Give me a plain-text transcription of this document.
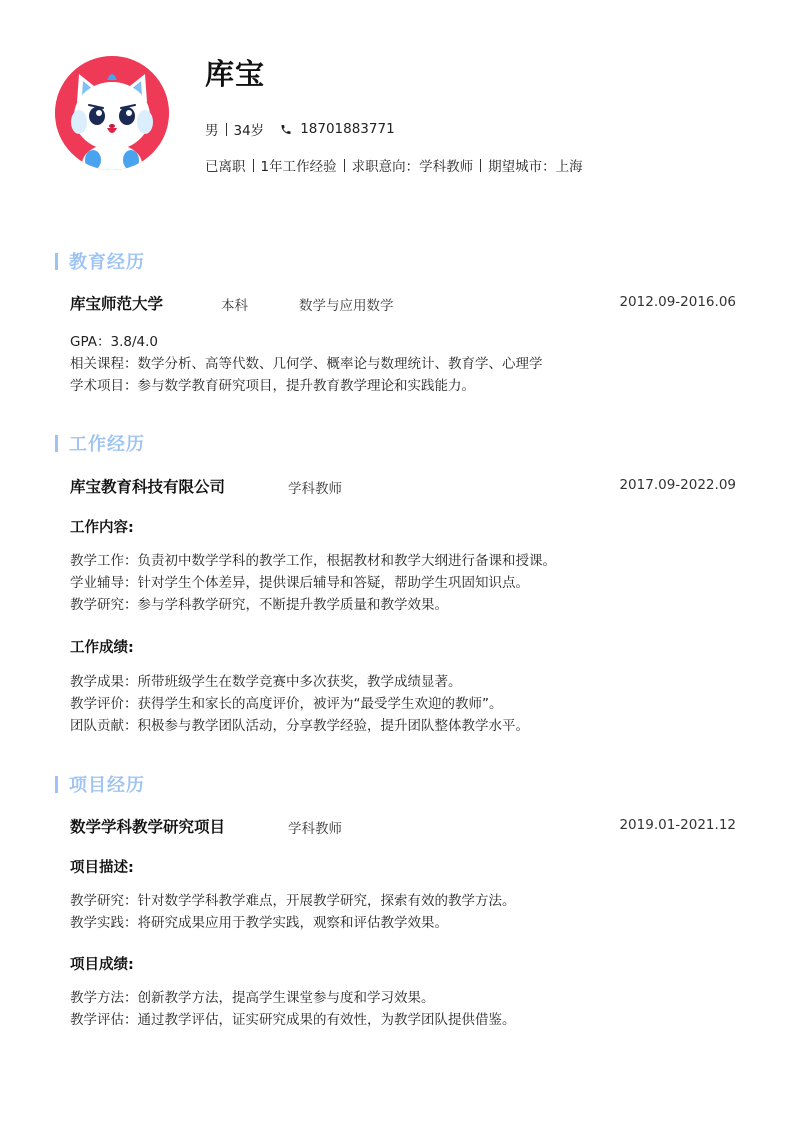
库宝
男 34岁	18701883771
已离职 1年工作经验 求职意向：学科教师 期望城市：上海
教育经历
库宝师范大学	本科	数学与应用数学	2012.09-2016.06
GPA：3.8/4.0
相关课程：数学分析、高等代数、几何学、概率论与数理统计、教育学、心理学
学术项目：参与数学教育研究项目，提升教育教学理论和实践能力。
工作经历
库宝教育科技有限公司	学科教师	2017.09-2022.09
工作内容:
教学工作：负责初中数学学科的教学工作，根据教材和教学大纲进行备课和授课。
学业辅导：针对学生个体差异，提供课后辅导和答疑，帮助学生巩固知识点。
教学研究：参与学科教学研究，不断提升教学质量和教学效果。
工作成绩:
教学成果：所带班级学生在数学竞赛中多次获奖，教学成绩显著。
教学评价：获得学生和家长的高度评价，被评为“最受学生欢迎的教师”。
团队贡献：积极参与教学团队活动，分享教学经验，提升团队整体教学水平。
项目经历
数学学科教学研究项目	学科教师	2019.01-2021.12
项目描述:
教学研究：针对数学学科教学难点，开展教学研究，探索有效的教学方法。
教学实践：将研究成果应用于教学实践，观察和评估教学效果。
项目成绩:
教学方法：创新教学方法，提高学生课堂参与度和学习效果。
教学评估：通过教学评估，证实研究成果的有效性，为教学团队提供借鉴。
